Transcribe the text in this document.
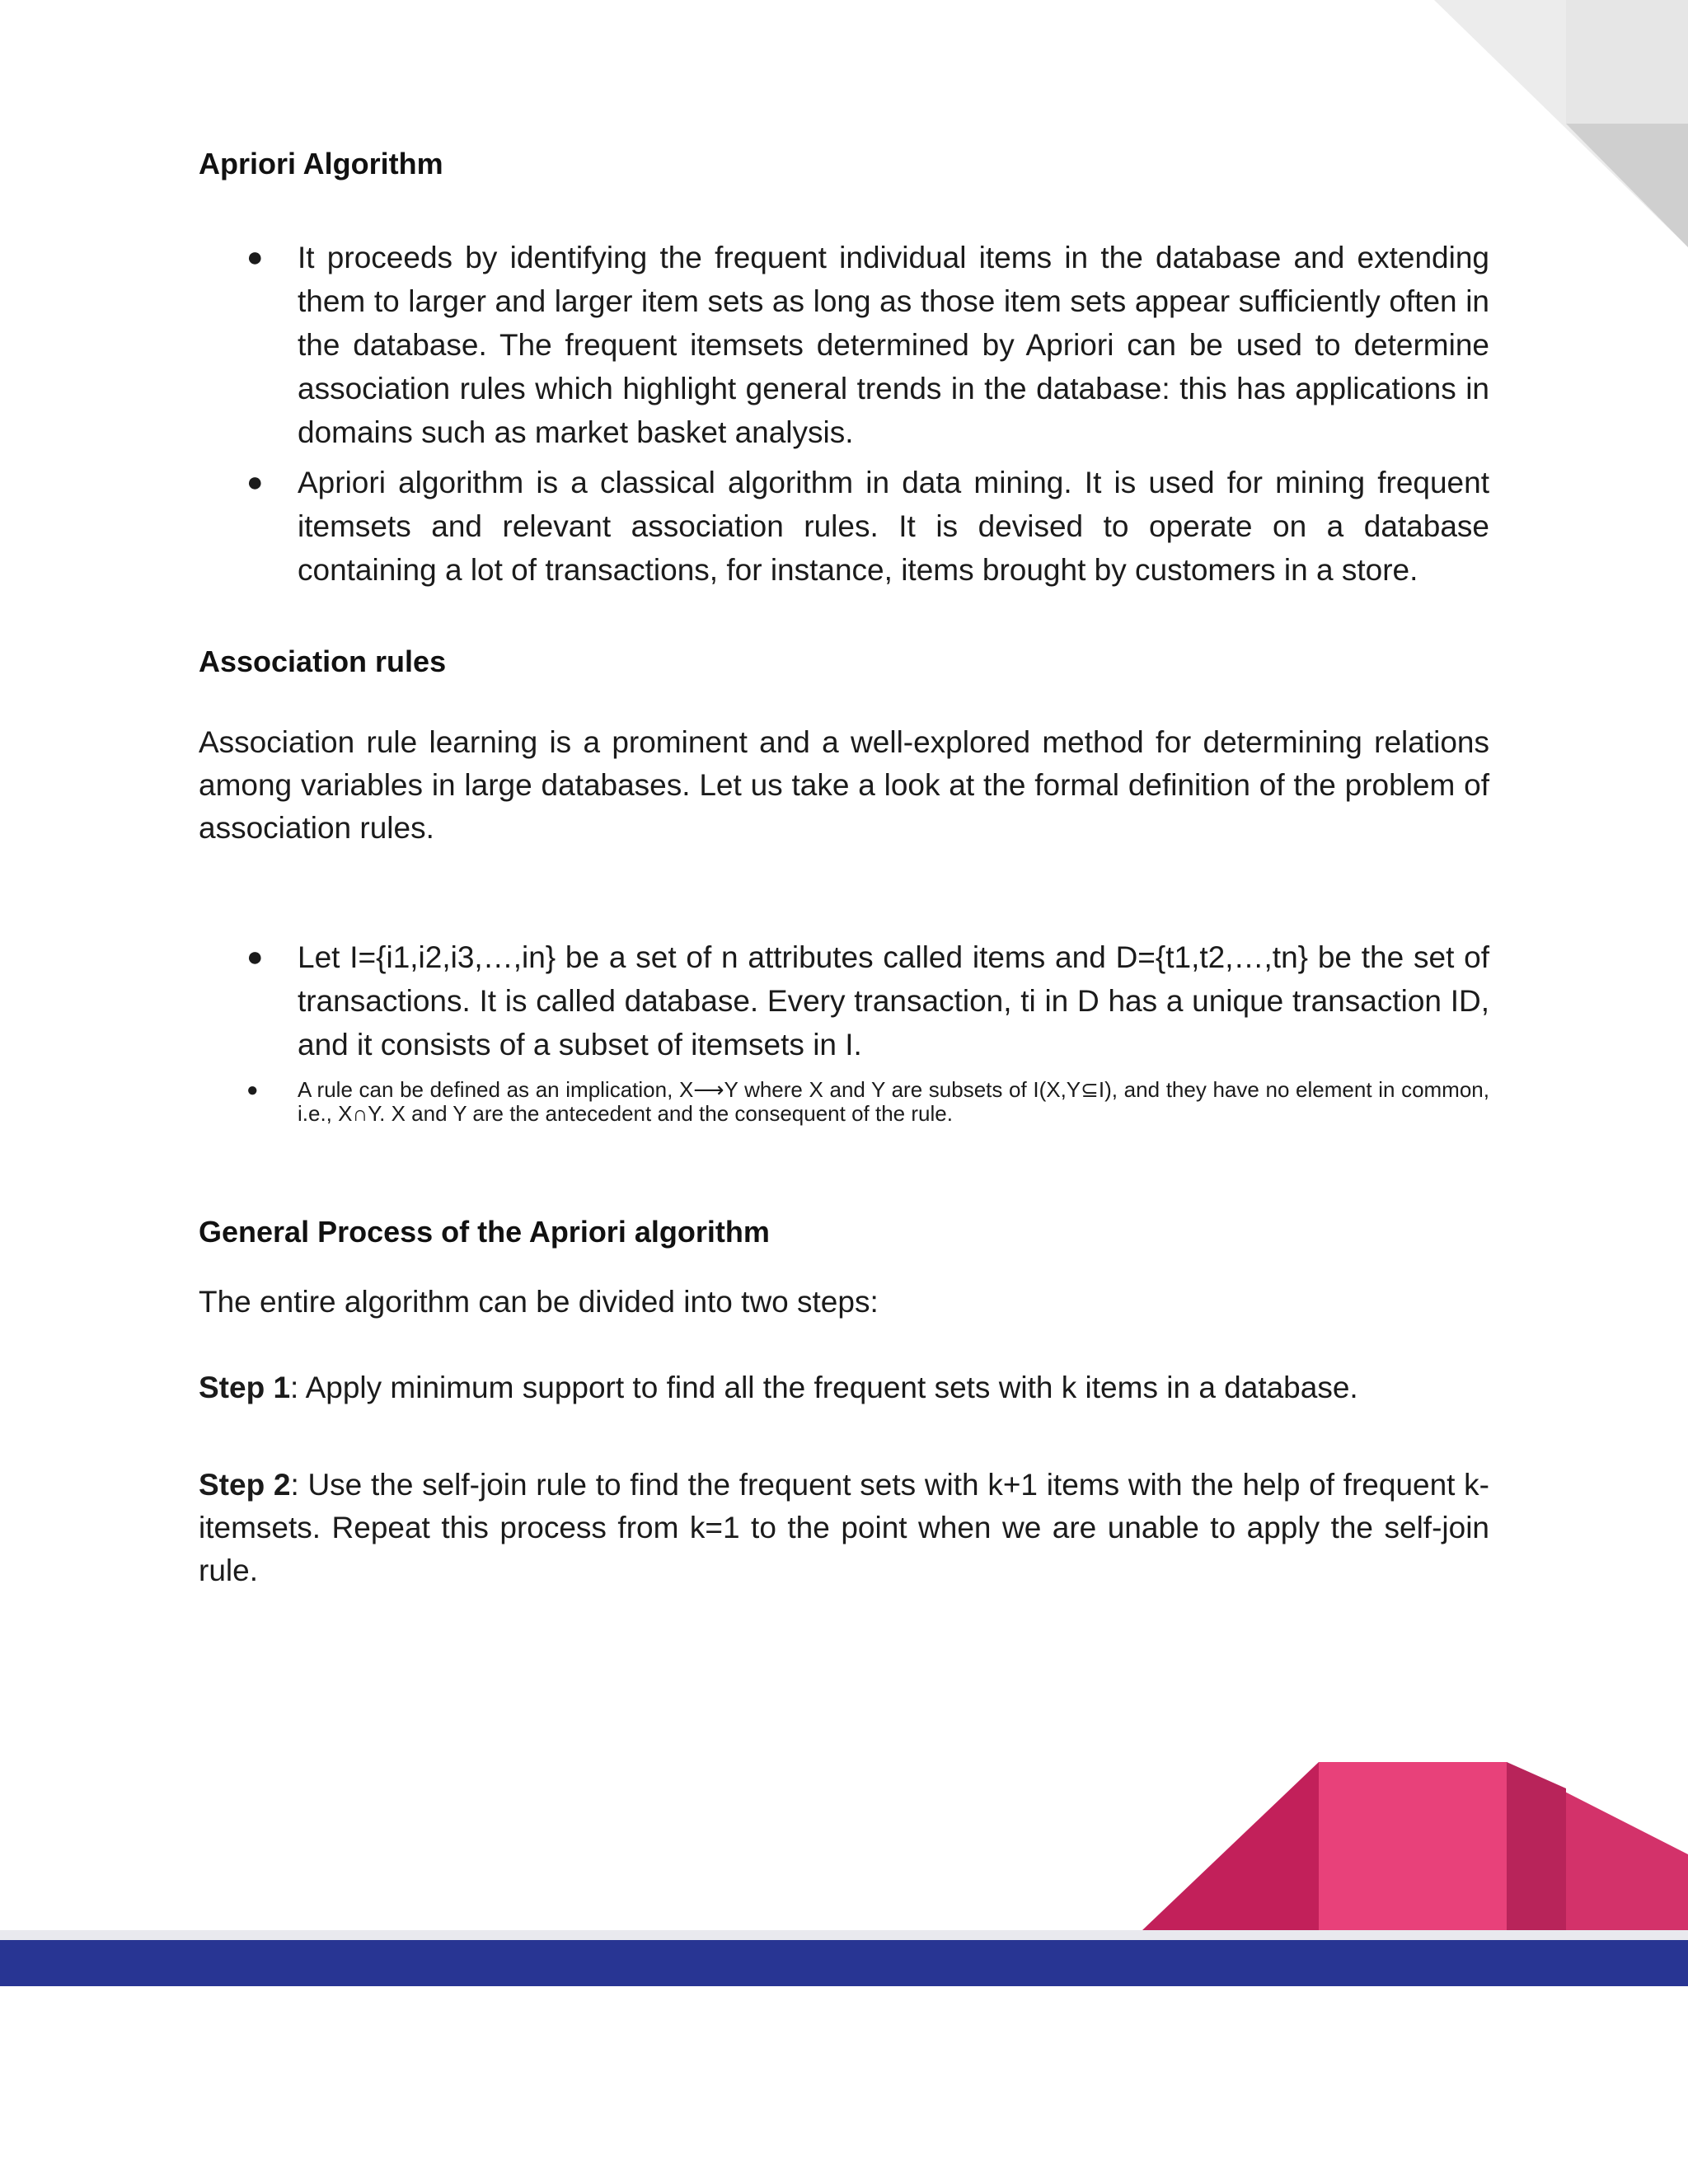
Apriori Algorithm
● It proceeds by identifying the frequent individual items in the database and extending them to larger and larger item sets as long as those item sets appear sufficiently often in the database. The frequent itemsets determined by Apriori can be used to determine association rules which highlight general trends in the database: this has applications in domains such as market basket analysis.
● Apriori algorithm is a classical algorithm in data mining. It is used for mining frequent itemsets and relevant association rules. It is devised to operate on a database containing a lot of transactions, for instance, items brought by customers in a store.
Association rules

Association rule learning is a prominent and a well-explored method for determining relations among variables in large databases. Let us take a look at the formal definition of the problem of association rules.

● Let I={i1,i2,i3,…,in} be a set of n attributes called items and D={t1,t2,…,tn} be the set of transactions. It is called database. Every transaction, ti in D has a unique transaction ID, and it consists of a subset of itemsets in I.
● A rule can be defined as an implication, X⟶Y where X and Y are subsets of I(X,Y⊆I), and they have no element in common, i.e., X∩Y. X and Y are the antecedent and the consequent of the rule.
General Process of the Apriori algorithm

The entire algorithm can be divided into two steps:

Step 1: Apply minimum support to find all the frequent sets with k items in a database.

Step 2: Use the self-join rule to find the frequent sets with k+1 items with the help of frequent k-itemsets. Repeat this process from k=1 to the point when we are unable to apply the self-join rule.
